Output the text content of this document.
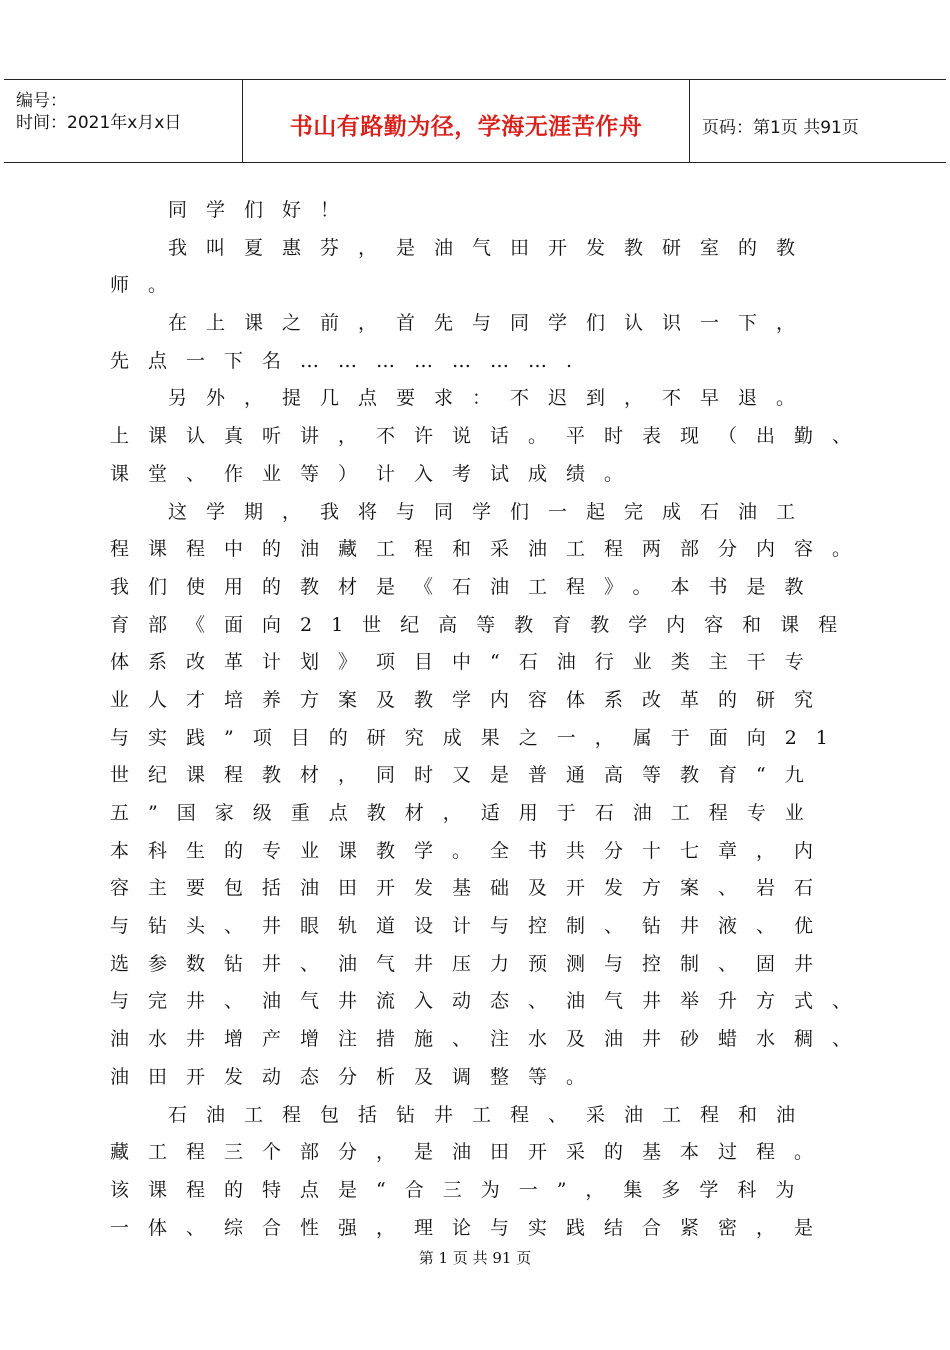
编号：
时间：2021年x月x日	书山有路勤为径，学海无涯苦作舟	页码：第1页 共91页
同学们好！
我叫夏惠芬，是油气田开发教研室的教
师。
在上课之前，首先与同学们认识一下，
先点一下名………………….
另外，提几点要求：不迟到，不早退。
上课认真听讲，不许说话。平时表现（出勤、
课堂、作业等）计入考试成绩。
这学期，我将与同学们一起完成石油工
程课程中的油藏工程和采油工程两部分内容。
我们使用的教材是《石油工程》。本书是教
育部《面向21世纪高等教育教学内容和课程
体系改革计划》项目中“石油行业类主干专
业人才培养方案及教学内容体系改革的研究
与实践”项目的研究成果之一，属于面向21
世纪课程教材，同时又是普通高等教育“九
五”国家级重点教材，适用于石油工程专业
本科生的专业课教学。全书共分十七章，内
容主要包括油田开发基础及开发方案、岩石
与钻头、井眼轨道设计与控制、钻井液、优
选参数钻井、油气井压力预测与控制、固井
与完井、油气井流入动态、油气井举升方式、
油水井增产增注措施、注水及油井砂蜡水稠、
油田开发动态分析及调整等。
石油工程包括钻井工程、采油工程和油
藏工程三个部分，是油田开采的基本过程。
该课程的特点是“合三为一”，集多学科为
一体、综合性强，理论与实践结合紧密，是
第 1 页 共 91 页
